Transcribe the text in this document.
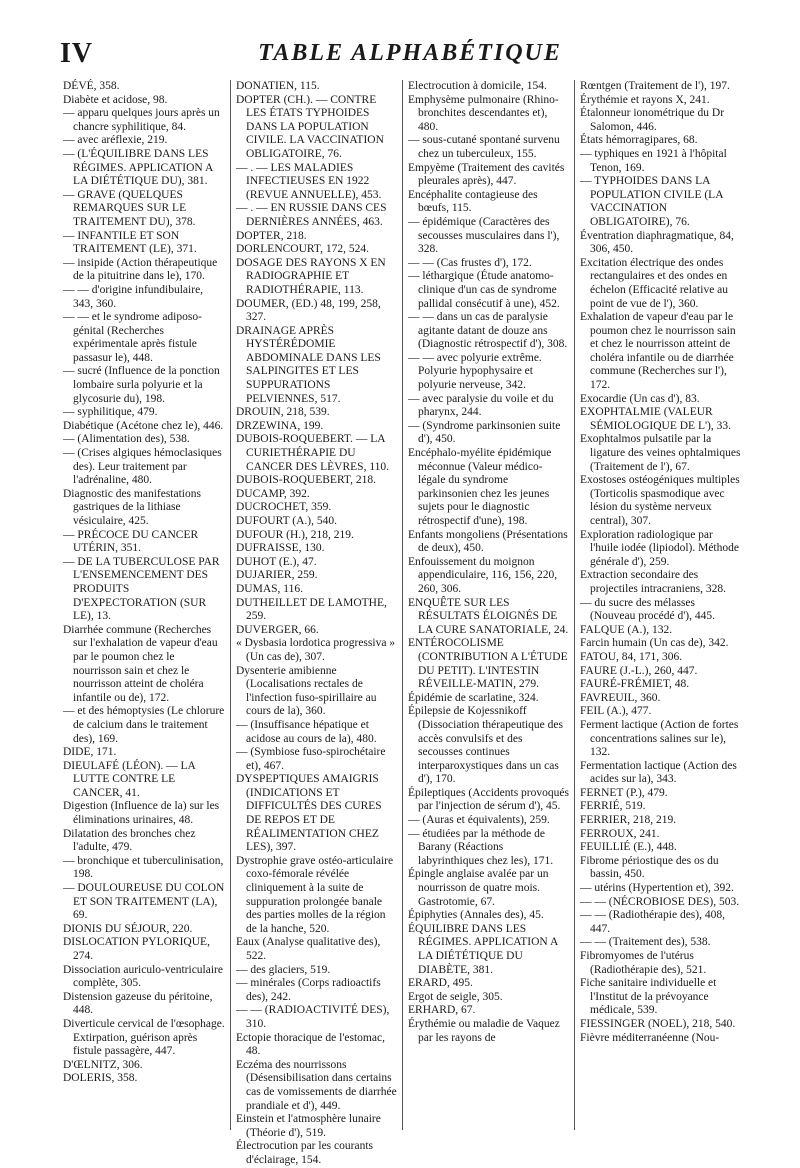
IV	TABLE ALPHABÉTIQUE

DÉVÉ, 358.

Diabète et acidose, 98.

— apparu quelques jours après un chancre syphilitique, 84.

— avec aréflexie, 219.

— (L'ÉQUILIBRE DANS LES RÉGIMES. APPLICATION A LA DIÉTÉTIQUE DU), 381.

— GRAVE (QUELQUES REMARQUES SUR LE TRAITEMENT DU), 378.

— INFANTILE ET SON TRAITEMENT (LE), 371.

— insipide (Action thérapeutique de la pituitrine dans le), 170.

— — d'origine infundibulaire, 343, 360.

— — et le syndrome adiposo-génital (Recherches expérimentale après fistule passasur le), 448.

— sucré (Influence de la ponction lombaire surla polyurie et la glycosurie du), 198.

— syphilitique, 479.

Diabétique (Acétone chez le), 446.

— (Alimentation des), 538.

— (Crises algiques hémoclasiques des). Leur traitement par l'adrénaline, 480.

Diagnostic des manifestations gastriques de la lithiase vésiculaire, 425.

— PRÉCOCE DU CANCER UTÉRIN, 351.

— DE LA TUBERCULOSE PAR L'ENSEMENCEMENT DES PRODUITS D'EXPECTORATION (SUR LE), 13.

Diarrhée commune (Recherches sur l'exhalation de vapeur d'eau par le poumon chez le nourrisson sain et chez le nourrisson atteint de choléra infantile ou de), 172.

— et des hémoptysies (Le chlorure de calcium dans le traitement des), 169.

DIDE, 171.

DIEULAFÉ (LÉON). — LA LUTTE CONTRE LE CANCER, 41.

Digestion (Influence de la) sur les éliminations urinaires, 48.

Dilatation des bronches chez l'adulte, 479.

— bronchique et tuberculinisation, 198.

— DOULOUREUSE DU COLON ET SON TRAITEMENT (LA), 69.

DIONIS DU SÉJOUR, 220.

DISLOCATION PYLORIQUE, 274.

Dissociation auriculo-ventriculaire complète, 305.

Distension gazeuse du péritoine, 448.

Diverticule cervical de l'œsophage. Extirpation, guérison après fistule passagère, 447.

D'ŒLNITZ, 306.

DOLERIS, 358.

DONATIEN, 115.

DOPTER (CH.). — CONTRE LES ÉTATS TYPHOIDES DANS LA POPULATION CIVILE. LA VACCINATION OBLIGATOIRE, 76.

— . — LES MALADIES INFECTIEUSES EN 1922 (REVUE ANNUELLE), 453.

— . — EN RUSSIE DANS CES DERNIÈRES ANNÉES, 463.

DOPTER, 218.

DORLENCOURT, 172, 524.

DOSAGE DES RAYONS X EN RADIOGRAPHIE ET RADIOTHÉRAPIE, 113.

DOUMER, (ED.) 48, 199, 258, 327.

DRAINAGE APRÈS HYSTÉRÉDOMIE ABDOMINALE DANS LES SALPINGITES ET LES SUPPURATIONS PELVIENNES, 517.

DROUIN, 218, 539.

DRZEWINA, 199.

DUBOIS-ROQUEBERT. — LA CURIETHÉRAPIE DU CANCER DES LÈVRES, 110.

DUBOIS-ROQUEBERT, 218.

DUCAMP, 392.

DUCROCHET, 359.

DUFOURT (A.), 540.

DUFOUR (H.), 218, 219.

DUFRAISSE, 130.

DUHOT (E.), 47.

DUJARIER, 259.

DUMAS, 116.

DUTHEILLET DE LAMOTHE, 259.

DUVERGER, 66.

« Dysbasia lordotica progressiva » (Un cas de), 307.

Dysenterie amibienne (Localisations rectales de l'infection fuso-spirillaire au cours de la), 360.

— (Insuffisance hépatique et acidose au cours de la), 480.

— (Symbiose fuso-spirochétaire et), 467.

DYSPEPTIQUES AMAIGRIS (INDICATIONS ET DIFFICULTÉS DES CURES DE REPOS ET DE RÉALIMENTATION CHEZ LES), 397.

Dystrophie grave ostéo-articulaire coxo-fémorale révélée cliniquement à la suite de suppuration prolongée banale des parties molles de la région de la hanche, 520.

Eaux (Analyse qualitative des), 522.

— des glaciers, 519.

— minérales (Corps radioactifs des), 242.

— — (RADIOACTIVITÉ DES), 310.

Ectopie thoracique de l'estomac, 48.

Eczéma des nourrissons (Désensibilisation dans certains cas de vomissements de diarrhée prandiale et d'), 449.

Einstein et l'atmosphère lunaire (Théorie d'), 519.

Électrocution par les courants d'éclairage, 154.

Electrocution à domicile, 154.

Emphysème pulmonaire (Rhino-bronchites descendantes et), 480.

— sous-cutané spontané survenu chez un tuberculeux, 155.

Empyème (Traitement des cavités pleurales après), 447.

Encéphalite contagieuse des bœufs, 115.

— épidémique (Caractères des secousses musculaires dans l'), 328.

— — (Cas frustes d'), 172.

— léthargique (Étude anatomo-clinique d'un cas de syndrome pallidal consécutif à une), 452.

— — dans un cas de paralysie agitante datant de douze ans (Diagnostic rétrospectif d'), 308.

— — avec polyurie extrême. Polyurie hypophysaire et polyurie nerveuse, 342.

— avec paralysie du voile et du pharynx, 244.

— (Syndrome parkinsonien suite d'), 450.

Encéphalo-myélite épidémique méconnue (Valeur médico-légale du syndrome parkinsonien chez les jeunes sujets pour le diagnostic rétrospectif d'une), 198.

Enfants mongoliens (Présentations de deux), 450.

Enfouissement du moignon appendiculaire, 116, 156, 220, 260, 306.

ENQUÊTE SUR LES RÉSULTATS ÉLOIGNÉS DE LA CURE SANATORIALE, 24.

ENTÉROCOLISME (CONTRIBUTION A L'ÉTUDE DU PETIT). L'INTESTIN RÉVEILLE-MATIN, 279.

Épidémie de scarlatine, 324.

Épilepsie de Kojessnikoff (Dissociation thérapeutique des accès convulsifs et des secousses continues interparoxystiques dans un cas d'), 170.

Épileptiques (Accidents provoqués par l'injection de sérum d'), 45.

— (Auras et équivalents), 259.

— étudiées par la méthode de Barany (Réactions labyrinthiques chez les), 171.

Épingle anglaise avalée par un nourrisson de quatre mois. Gastrotomie, 67.

Épiphyties (Annales des), 45.

ÉQUILIBRE DANS LES RÉGIMES. APPLICATION A LA DIÉTÉTIQUE DU DIABÈTE, 381.

ERARD, 495.

Ergot de seigle, 305.

ERHARD, 67.

Érythémie ou maladie de Vaquez par les rayons de

Rœntgen (Traitement de l'), 197.

Érythémie et rayons X, 241.

Étalonneur ionométrique du Dr Salomon, 446.

États hémorragipares, 68.

— typhiques en 1921 à l'hôpital Tenon, 169.

— TYPHOIDES DANS LA POPULATION CIVILE (LA VACCINATION OBLIGATOIRE), 76.

Éventration diaphragmatique, 84, 306, 450.

Excitation électrique des ondes rectangulaires et des ondes en échelon (Efficacité relative au point de vue de l'), 360.

Exhalation de vapeur d'eau par le poumon chez le nourrisson sain et chez le nourrisson atteint de choléra infantile ou de diarrhée commune (Recherches sur l'), 172.

Exocardie (Un cas d'), 83.

EXOPHTALMIE (VALEUR SÉMIOLOGIQUE DE L'), 33.

Exophtalmos pulsatile par la ligature des veines ophtalmiques (Traitement de l'), 67.

Exostoses ostéogéniques multiples (Torticolis spasmodique avec lésion du système nerveux central), 307.

Exploration radiologique par l'huile iodée (lipiodol). Méthode générale d'), 259.

Extraction secondaire des projectiles intracraniens, 328.

— du sucre des mélasses (Nouveau procédé d'), 445.

FALQUE (A.), 132.

Farcin humain (Un cas de), 342.

FATOU, 84, 171, 306.

FAURE (J.-L.), 260, 447.

FAURÉ-FRÉMIET, 48.

FAVREUIL, 360.

FEIL (A.), 477.

Ferment lactique (Action de fortes concentrations salines sur le), 132.

Fermentation lactique (Action des acides sur la), 343.

FERNET (P.), 479.

FERRIÉ, 519.

FERRIER, 218, 219.

FERROUX, 241.

FEUILLIÉ (E.), 448.

Fibrome périostique des os du bassin, 450.

— utérins (Hypertention et), 392.

— — (NÉCROBIOSE DES), 503.

— — (Radiothérapie des), 408, 447.

— — (Traitement des), 538.

Fibromyomes de l'utérus (Radiothérapie des), 521.

Fiche sanitaire individuelle et l'Institut de la prévoyance médicale, 539.

FIESSINGER (NOEL), 218, 540.

Fièvre méditerranéenne (Nou-
